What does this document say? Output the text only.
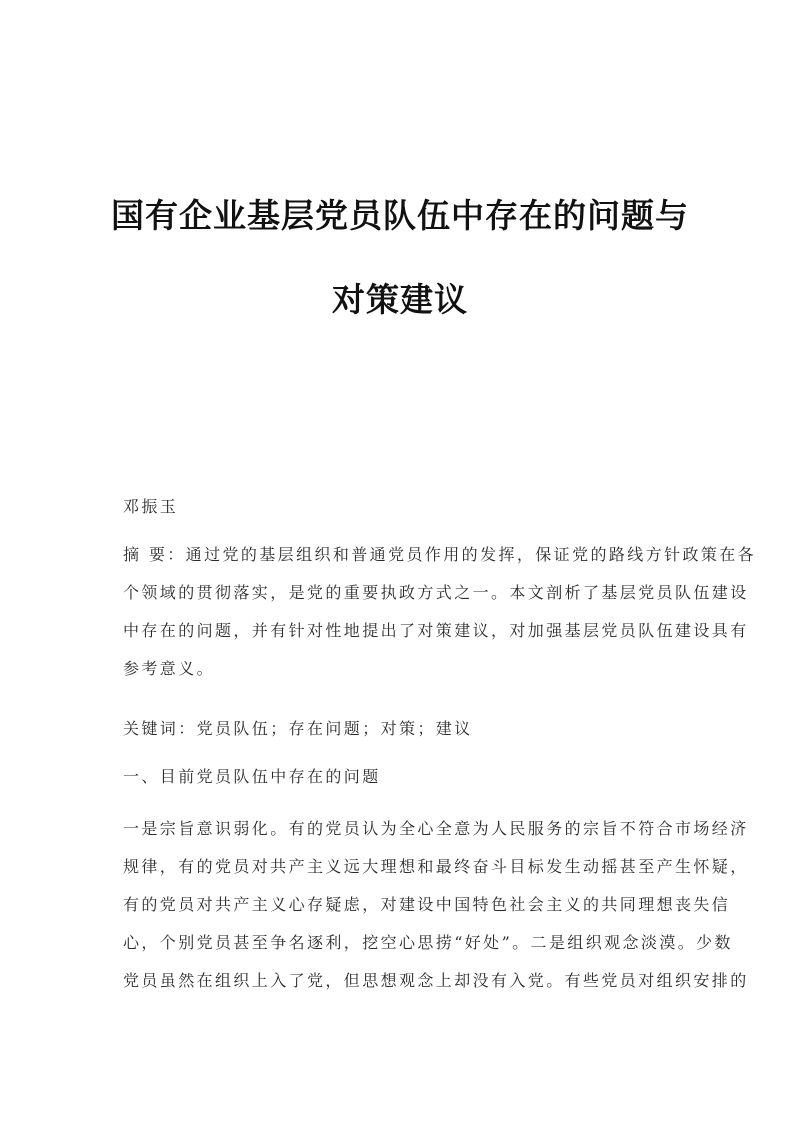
国有企业基层党员队伍中存在的问题与
对策建议
邓振玉
摘 要：通过党的基层组织和普通党员作用的发挥，保证党的路线方针政策在各
个领域的贯彻落实，是党的重要执政方式之一。本文剖析了基层党员队伍建设
中存在的问题，并有针对性地提出了对策建议，对加强基层党员队伍建设具有
参考意义。
关键词：党员队伍；存在问题；对策；建议
一、目前党员队伍中存在的问题
一是宗旨意识弱化。有的党员认为全心全意为人民服务的宗旨不符合市场经济
规律，有的党员对共产主义远大理想和最终奋斗目标发生动摇甚至产生怀疑，
有的党员对共产主义心存疑虑，对建设中国特色社会主义的共同理想丧失信
心，个别党员甚至争名逐利，挖空心思捞“好处”。二是组织观念淡漠。少数
党员虽然在组织上入了党，但思想观念上却没有入党。有些党员对组织安排的
